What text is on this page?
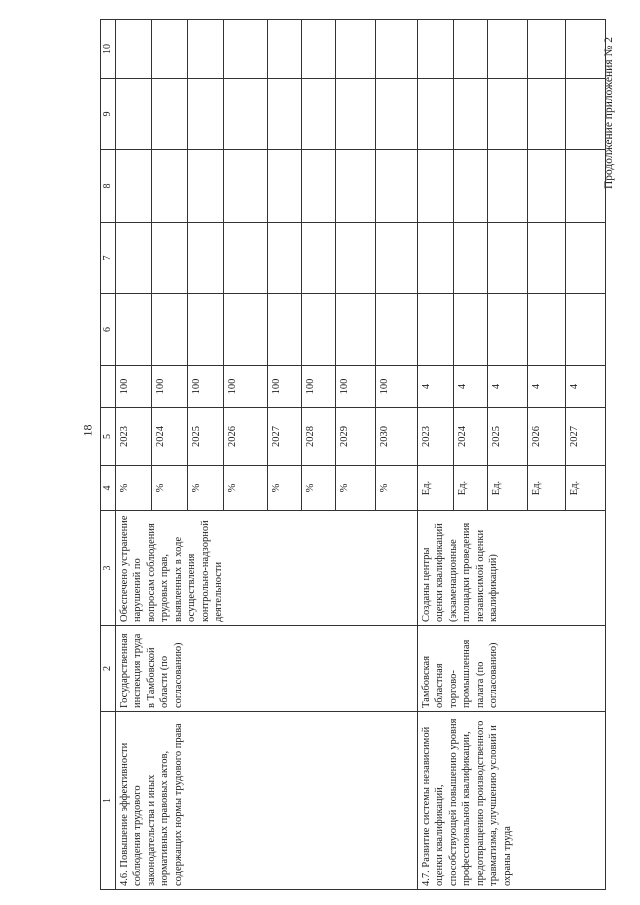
18
Продолжение приложения № 2
1	2	3	4	5		6	7	8	9	10
4.6. Повышение эффективности соблюдения трудового законодательства и иных нормативных правовых актов, содержащих нормы трудового права	Государственная инспекция труда в Тамбовской области (по согласованию)	Обеспечено устранение нарушений по вопросам соблюдения трудовых прав, выявленных в ходе осуществления контрольно-надзорной деятельности	%	2023	100					
			%	2024	100					
			%	2025	100					
			%	2026	100					
			%	2027	100					
			%	2028	100					
			%	2029	100					
			%	2030	100					
4.7. Развитие системы независимой оценки квалификаций, способствующей повышению уровня профессиональной квалификации, предотвращению производственного травматизма, улучшению условий и охраны труда	Тамбовская областная торгово-промышленная палата (по согласованию)	Созданы центры оценки квалификаций (экзаменационные площадки проведения независимой оценки квалификаций)	Ед.	2023	4					
			Ед.	2024	4					
			Ед.	2025	4					
			Ед.	2026	4					
			Ед.	2027	4					
